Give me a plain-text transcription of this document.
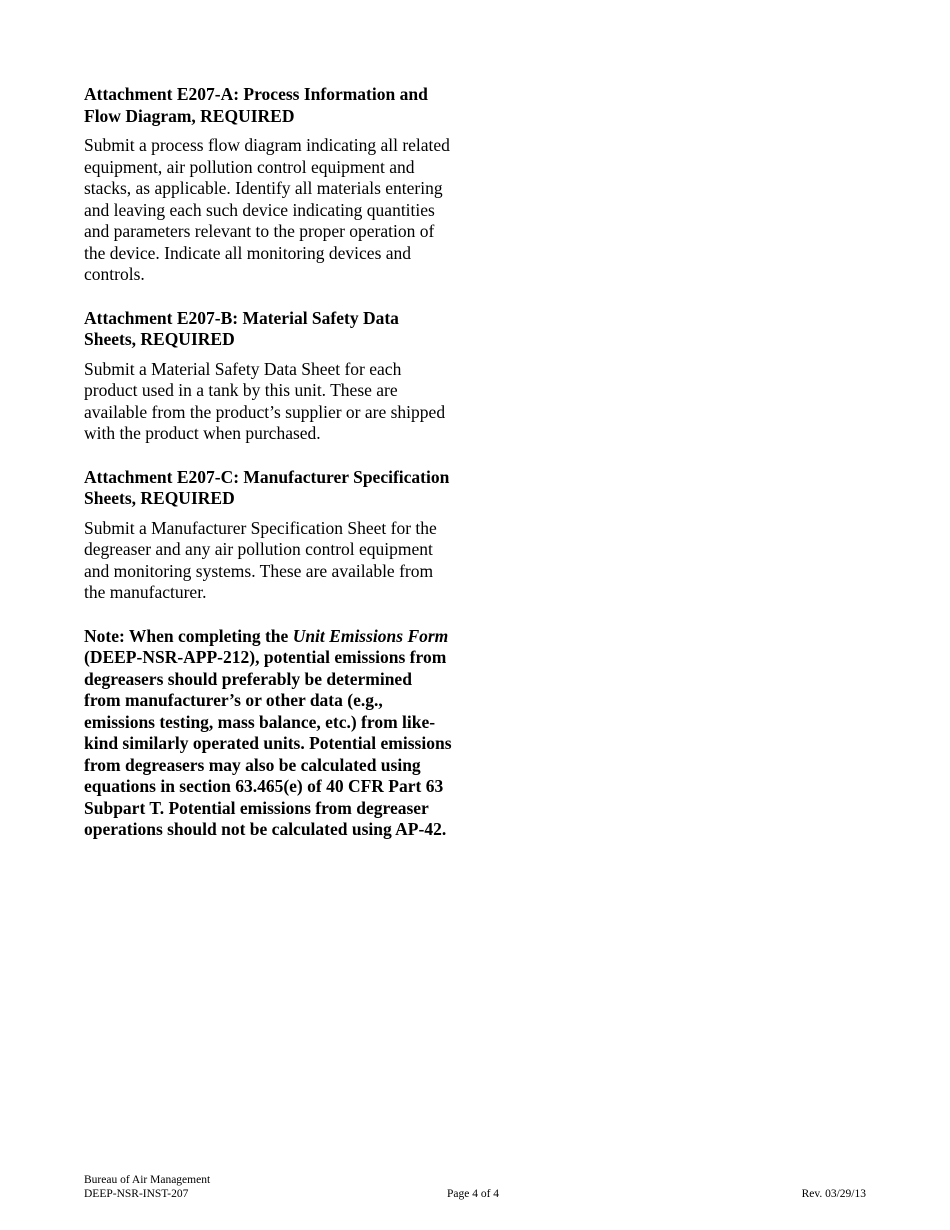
Attachment E207-A: Process Information and Flow Diagram, REQUIRED
Submit a process flow diagram indicating all related equipment, air pollution control equipment and stacks, as applicable. Identify all materials entering and leaving each such device indicating quantities and parameters relevant to the proper operation of the device. Indicate all monitoring devices and controls.
Attachment E207-B: Material Safety Data Sheets, REQUIRED
Submit a Material Safety Data Sheet for each product used in a tank by this unit. These are available from the product’s supplier or are shipped with the product when purchased.
Attachment E207-C: Manufacturer Specification Sheets, REQUIRED
Submit a Manufacturer Specification Sheet for the degreaser and any air pollution control equipment and monitoring systems. These are available from the manufacturer.

Note: When completing the Unit Emissions Form (DEEP-NSR-APP-212), potential emissions from degreasers should preferably be determined from manufacturer’s or other data (e.g., emissions testing, mass balance, etc.) from like-kind similarly operated units. Potential emissions from degreasers may also be calculated using equations in section 63.465(e) of 40 CFR Part 63 Subpart T. Potential emissions from degreaser operations should not be calculated using AP-42.

Bureau of Air Management
DEEP-NSR-INST-207	Page 4 of 4	Rev. 03/29/13
